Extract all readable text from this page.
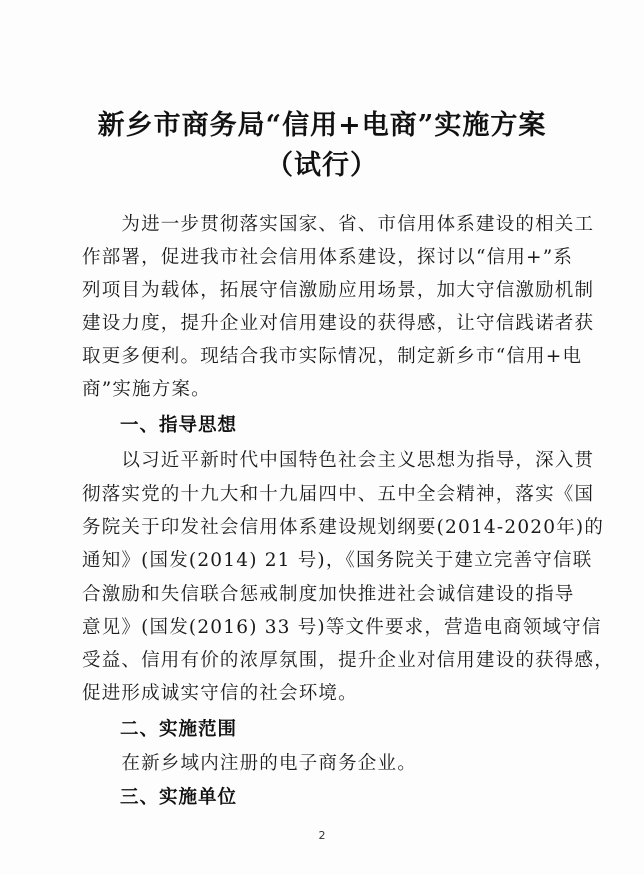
新乡市商务局“信用+电商”实施方案
（试行）
　　为进一步贯彻落实国家、省、市信用体系建设的相关工
作部署，促进我市社会信用体系建设，探讨以“信用+”系
列项目为载体，拓展守信激励应用场景，加大守信激励机制
建设力度，提升企业对信用建设的获得感，让守信践诺者获
取更多便利。现结合我市实际情况，制定新乡市“信用+电
商”实施方案。
一、指导思想
　　以习近平新时代中国特色社会主义思想为指导，深入贯
彻落实党的十九大和十九届四中、五中全会精神，落实《国
务院关于印发社会信用体系建设规划纲要(2014-2020年)的
通知》(国发(2014) 21 号)，《国务院关于建立完善守信联
合激励和失信联合惩戒制度加快推进社会诚信建设的指导
意见》(国发(2016) 33 号)等文件要求，营造电商领域守信
受益、信用有价的浓厚氛围，提升企业对信用建设的获得感，
促进形成诚实守信的社会环境。
二、实施范围
　　在新乡域内注册的电子商务企业。
三、实施单位
2
